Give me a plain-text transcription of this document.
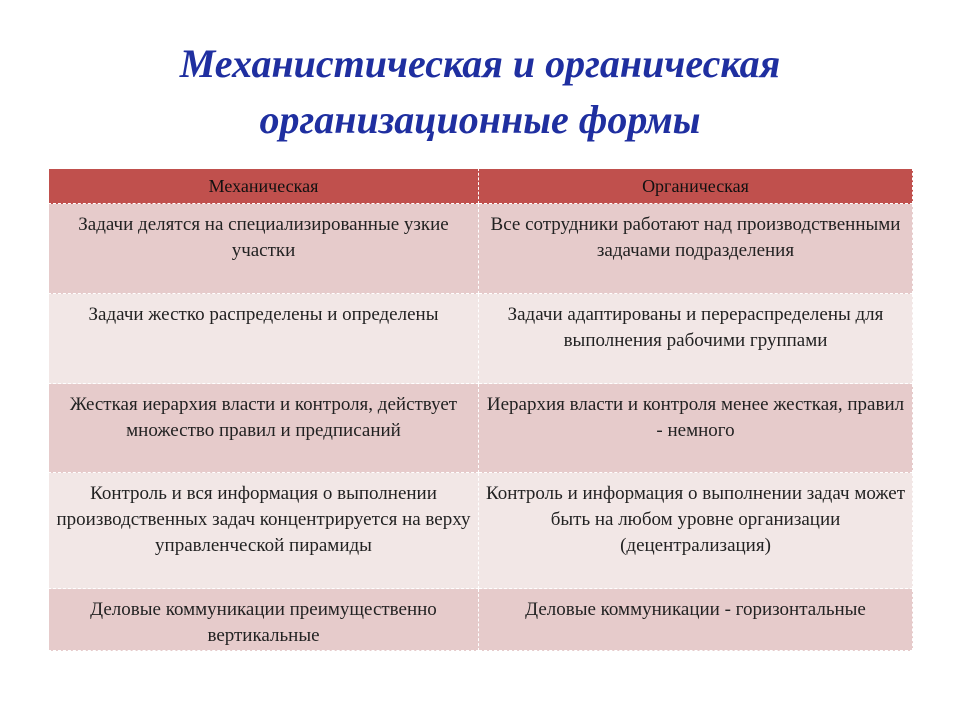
Механистическая и органическая
организационные формы
Механическая	Органическая
Задачи делятся на специализированные узкие участки	Все сотрудники работают над производственными задачами подразделения
Задачи жестко распределены и определены	Задачи адаптированы и перераспределены для выполнения рабочими группами
Жесткая иерархия власти и контроля, действует множество правил и предписаний	Иерархия власти и контроля менее жесткая, правил - немного
Контроль и вся информация о выполнении производственных задач концентрируется на верху управленческой пирамиды	Контроль и информация о выполнении задач может быть на любом уровне организации (децентрализация)
Деловые коммуникации преимущественно вертикальные	Деловые коммуникации - горизонтальные
